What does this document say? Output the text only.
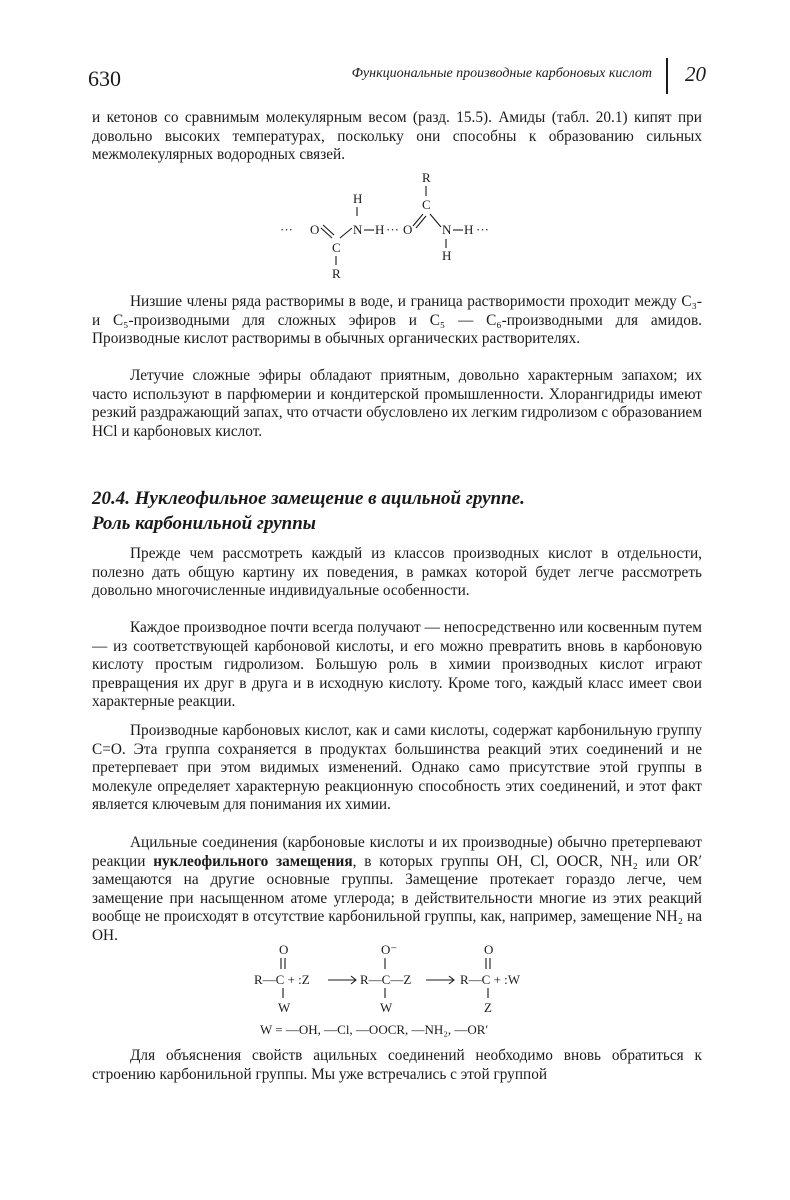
630	Функциональные производные карбоновых кислот 20
и кетонов со сравнимым молекулярным весом (разд. 15.5). Амиды (табл. 20.1) кипят при довольно высоких температурах, поскольку они способны к образованию сильных межмолекулярных водородных связей.
R
C
H
··· O	N H ··· O N H ···
H
C
R
Низшие члены ряда растворимы в воде, и граница растворимости проходит между C₃- и C₅-производными для сложных эфиров и C₅ — C₆-производными для амидов. Производные кислот растворимы в обычных органических растворителях.
Летучие сложные эфиры обладают приятным, довольно характерным запахом; их часто используют в парфюмерии и кондитерской промышленности. Хлорангидриды имеют резкий раздражающий запах, что отчасти обусловлено их легким гидролизом с образованием HCl и карбоновых кислот.
20.4. Нуклеофильное замещение в ацильной группе.
Роль карбонильной группы
Прежде чем рассмотреть каждый из классов производных кислот в отдельности, полезно дать общую картину их поведения, в рамках которой будет легче рассмотреть довольно многочисленные индивидуальные особенности.
Каждое производное почти всегда получают — непосредственно или косвенным путем — из соответствующей карбоновой кислоты, и его можно превратить вновь в карбоновую кислоту простым гидролизом. Большую роль в химии производных кислот играют превращения их друг в друга и в исходную кислоту. Кроме того, каждый класс имеет свои характерные реакции.
Производные карбоновых кислот, как и сами кислоты, содержат карбонильную группу C=O. Эта группа сохраняется в продуктах большинства реакций этих соединений и не претерпевает при этом видимых изменений. Однако само присутствие этой группы в молекуле определяет характерную реакционную способность этих соединений, и этот факт является ключевым для понимания их химии.
Ацильные соединения (карбоновые кислоты и их производные) обычно претерпевают реакции нуклеофильного замещения, в которых группы OH, Cl, OOCR, NH₂ или OR′ замещаются на другие основные группы. Замещение протекает гораздо легче, чем замещение при насыщенном атоме углерода; в действительности многие из этих реакций вообще не происходят в отсутствие карбонильной группы, как, например, замещение NH₂ на OH.
O
R—C + :Z
W
O⁻
R—C—Z
W
O
R—C + :W
Z
W = —OH, —Cl, —OOCR, —NH₂, —OR′
Для объяснения свойств ацильных соединений необходимо вновь обратиться к строению карбонильной группы. Мы уже встречались с этой группой
